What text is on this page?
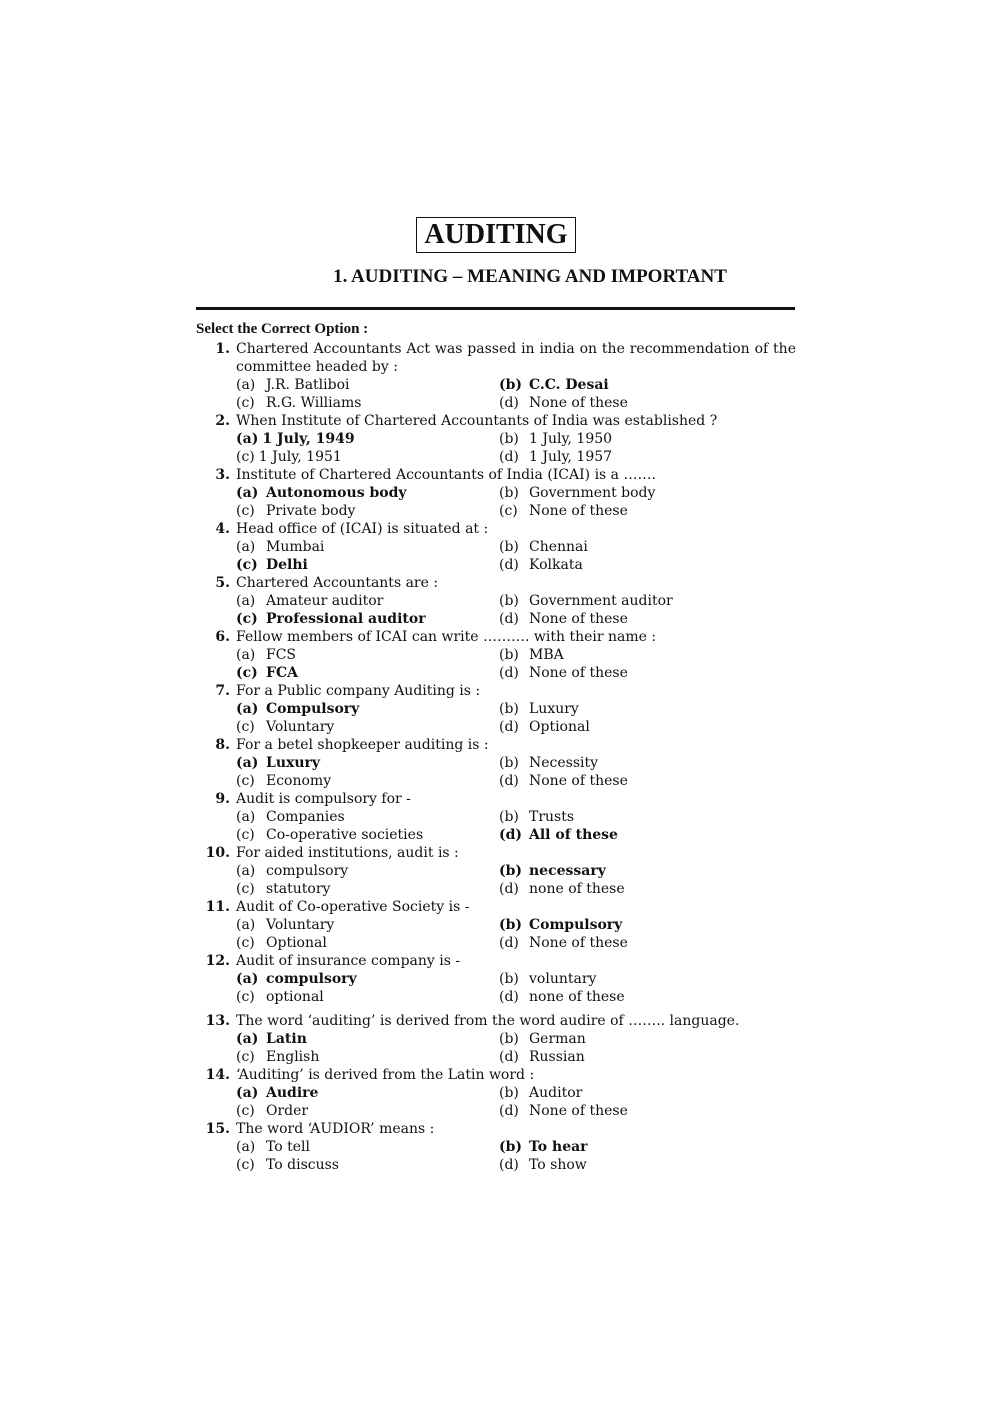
AUDITING
1. AUDITING – MEANING AND IMPORTANT
Select the Correct Option :
1. Chartered Accountants Act was passed in india on the recommendation of the committee headed by :
(a) J.R. Batliboi	(b) C.C. Desai
(c) R.G. Williams	(d) None of these
2. When Institute of Chartered Accountants of India was established ?
(a) 1 July, 1949	(b) 1 July, 1950
(c) 1 July, 1951	(d) 1 July, 1957
3. Institute of Chartered Accountants of India (ICAI) is a …….
(a) Autonomous body	(b) Government body
(c) Private body	(c) None of these
4. Head office of (ICAI) is situated at :
(a) Mumbai	(b) Chennai
(c) Delhi	(d) Kolkata
5. Chartered Accountants are :
(a) Amateur auditor	(b) Government auditor
(c) Professional auditor	(d) None of these
6. Fellow members of ICAI can write ………. with their name :
(a) FCS	(b) MBA
(c) FCA	(d) None of these
7. For a Public company Auditing is :
(a) Compulsory	(b) Luxury
(c) Voluntary	(d) Optional
8. For a betel shopkeeper auditing is :
(a) Luxury	(b) Necessity
(c) Economy	(d) None of these
9. Audit is compulsory for -
(a) Companies	(b) Trusts
(c) Co-operative societies	(d) All of these
10. For aided institutions, audit is :
(a) compulsory	(b) necessary
(c) statutory	(d) none of these
11. Audit of Co-operative Society is -
(a) Voluntary	(b) Compulsory
(c) Optional	(d) None of these
12. Audit of insurance company is -
(a) compulsory	(b) voluntary
(c) optional	(d) none of these
13. The word ‘auditing’ is derived from the word audire of …….. language.
(a) Latin	(b) German
(c) English	(d) Russian
14. ‘Auditing’ is derived from the Latin word :
(a) Audire	(b) Auditor
(c) Order	(d) None of these
15. The word ‘AUDIOR’ means :
(a) To tell	(b) To hear
(c) To discuss	(d) To show
